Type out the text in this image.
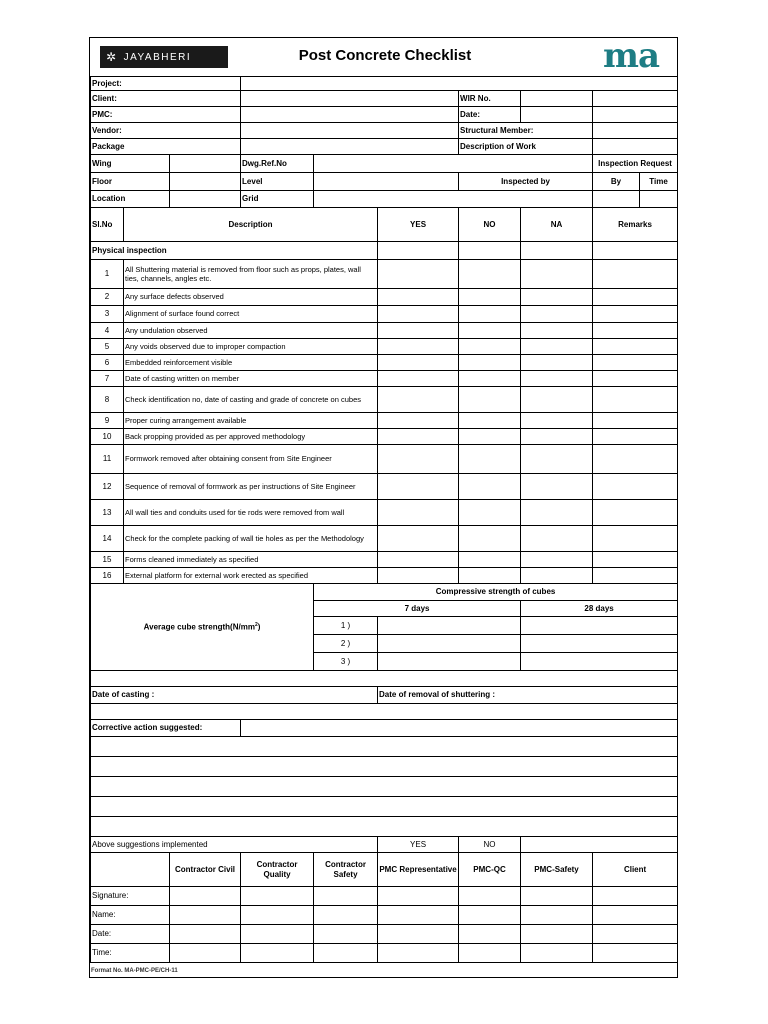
✲ JAYABHERI	Post Concrete Checklist	ma
Project:									
Client:						WIR No.			
PMC:						Date:			
Vendor:						Structural Member:			
Package						Description of Work			
Wing			Dwg.Ref.No					Inspection Request	
Floor			Level			Inspected by		By	Time
Location			Grid						
Sl.No	Description				YES	NO	NA	Remarks	
Physical inspection									
1	All Shuttering material is removed from floor such as props, plates, wall ties, channels, angles etc.								
2	Any surface defects observed								
3	Alignment of surface found correct								
4	Any undulation observed								
5	Any voids observed due to improper compaction								
6	Embedded reinforcement visible								
7	Date of casting written on member								
8	Check identification no, date of casting and grade of concrete on cubes								
9	Proper curing arrangement available								
10	Back propping provided as per approved methodology								
11	Formwork removed after obtaining consent from Site Engineer								
12	Sequence of removal of formwork as per instructions of Site Engineer								
13	All wall ties and conduits used for tie rods were removed from wall								
14	Check for the complete packing of wall tie holes as per the Methodology								
15	Forms cleaned immediately as specified								
16	External platform for external work erected as specified								
Average cube $strength(N/mm^2)$				Compressive strength of cubes					
				7 days			28 days		
				1 )					
				2 )					
				3 )					

Date of casting :					Date of removal of shuttering :				

Corrective action suggested:									

Above suggestions implemented					YES	NO			
		Contractor Civil	Contractor Quality	Contractor Safety	PMC Representative	PMC-QC	PMC-Safety	Client	
Signature:									
Name:									
Date:									
Time:									
Format No. MA-PMC-PE/CH-11
